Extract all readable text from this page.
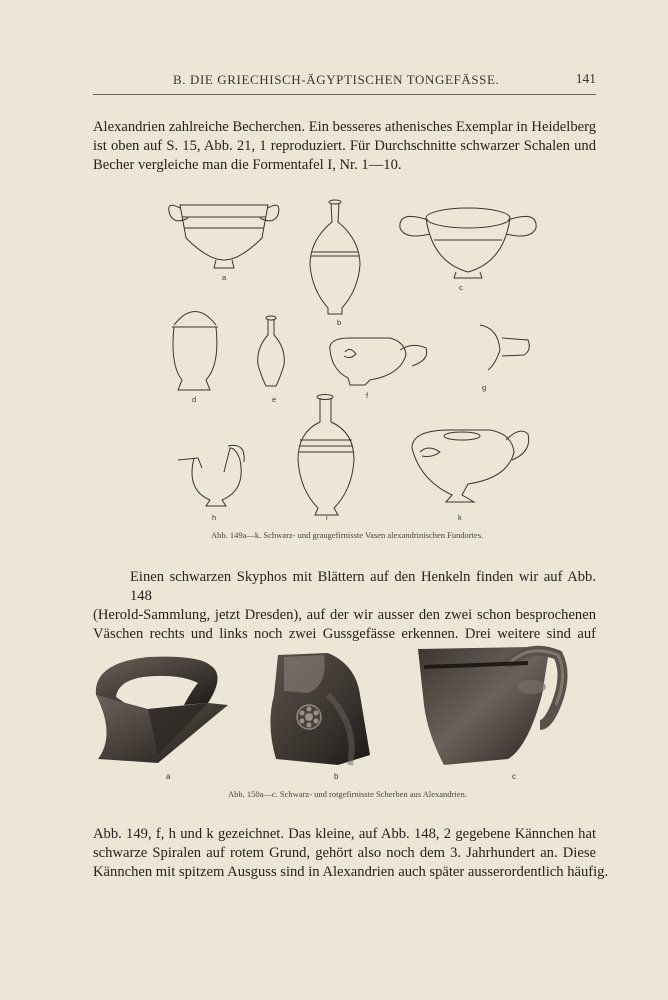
B. DIE GRIECHISCH-ÄGYPTISCHEN TONGEFÄSSE.	141
Alexandrien zahlreiche Becherchen. Ein besseres athenisches Exemplar in Heidelberg
ist oben auf S. 15, Abb. 21, 1 reproduziert. Für Durchschnitte schwarzer Schalen und
Becher vergleiche man die Formentafel I, Nr. 1—10.
a
b
c
d	e	f
g
h	i	k
Abb. 149a—k. Schwarz- und graugefirnisste Vasen alexandrinischen Fundortes.
Einen schwarzen Skyphos mit Blättern auf den Henkeln finden wir auf Abb. 148
(Herold-Sammlung, jetzt Dresden), auf der wir ausser den zwei schon besprochenen
Väschen rechts und links noch zwei Gussgefässe erkennen. Drei weitere sind auf
a	b	c
Abb. 150a—c. Schwarz- und rotgefirnisste Scherben aus Alexandrien.
Abb. 149, f, h und k gezeichnet. Das kleine, auf Abb. 148, 2 gegebene Kännchen hat
schwarze Spiralen auf rotem Grund, gehört also noch dem 3. Jahrhundert an. Diese
Kännchen mit spitzem Ausguss sind in Alexandrien auch später ausserordentlich häufig.
